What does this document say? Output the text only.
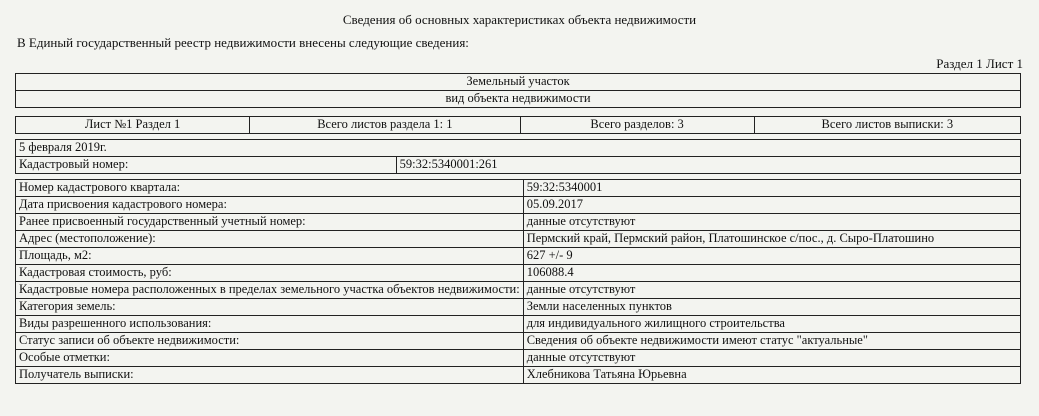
Сведения об основных характеристиках объекта недвижимости
В Единый государственный реестр недвижимости внесены следующие сведения:
Раздел 1 Лист 1
Земельный участок
вид объекта недвижимости
Лист №1 Раздел 1	Всего листов раздела 1: 1	Всего разделов: 3	Всего листов выписки: 3
5 февраля 2019г.
Кадастровый номер:	59:32:5340001:261
Номер кадастрового квартала:	59:32:5340001
Дата присвоения кадастрового номера:	05.09.2017
Ранее присвоенный государственный учетный номер:	данные отсутствуют
Адрес (местоположение):	Пермский край, Пермский район, Платошинское с/пос., д. Сыро-Платошино
Площадь, м2:	627 +/- 9
Кадастровая стоимость, руб:	106088.4
Кадастровые номера расположенных в пределах земельного участка объектов недвижимости:	данные отсутствуют
Категория земель:	Земли населенных пунктов
Виды разрешенного использования:	для индивидуального жилищного строительства
Статус записи об объекте недвижимости:	Сведения об объекте недвижимости имеют статус "актуальные"
Особые отметки:	данные отсутствуют
Получатель выписки:	Хлебникова Татьяна Юрьевна
